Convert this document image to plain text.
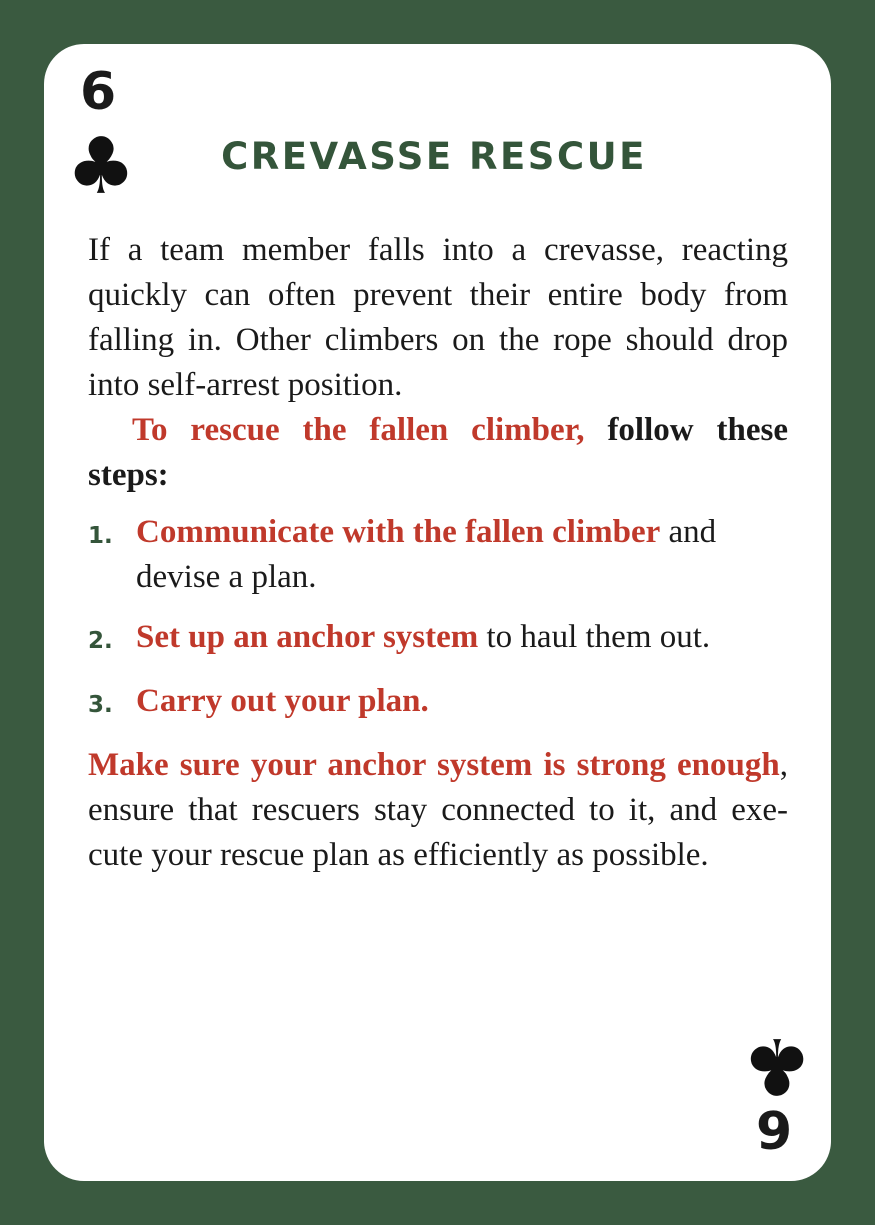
6
♣	CREVASSE RESCUE

If a team member falls into a crevasse, reacting quickly can often prevent their entire body from falling in. Other climbers on the rope should drop into self-arrest position.

To rescue the fallen climber, follow these steps:

1. Communicate with the fallen climber and devise a plan.
2. Set up an anchor system to haul them out.
3. Carry out your plan.

Make sure your anchor system is strong enough, ensure that rescuers stay connected to it, and exe-cute your rescue plan as efficiently as possible.

♣
9
